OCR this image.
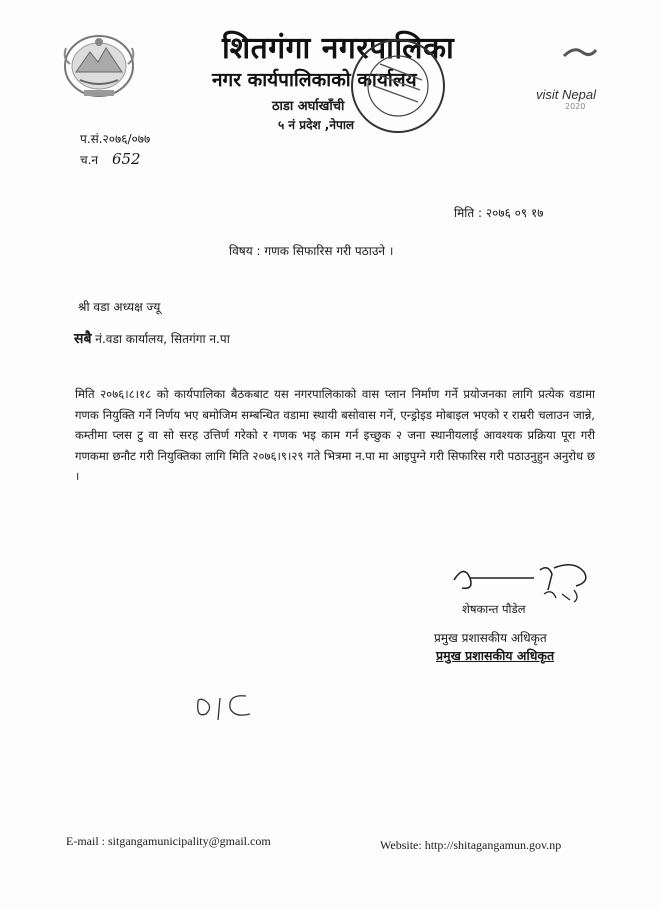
शितगंगा नगरपालिका
नगर कार्यपालिकाको कार्यालय
ठाडा अर्घाखाँची
५ नं प्रदेश ,नेपाल
visit Nepal
2020
प.सं.२०७६/०७७
च.न 652
मिति : २०७६ ०९ १७
विषय : गणक सिफारिस गरी पठाउने ।
श्री वडा अध्यक्ष ज्यू
सबै नं.वडा कार्यालय, सितगंगा न.पा
मिति २०७६।८।१८ को कार्यपालिका बैठकबाट यस नगरपालिकाको वास प्लान निर्माण गर्ने प्रयोजनका लागि प्रत्येक वडामा गणक नियुक्ति गर्ने निर्णय भए बमोजिम सम्बन्धित वडामा स्थायी बसोवास गर्ने, एन्ड्रोइड मोबाइल भएको र राम्ररी चलाउन जान्ने, कम्तीमा प्लस टु वा सो सरह उत्तिर्ण गरेको र गणक भइ काम गर्न इच्छुक २ जना स्थानीयलाई आवश्यक प्रक्रिया पूरा गरी गणकमा छनौट गरी नियुक्तिका लागि मिति २०७६।९।२९ गते भित्रमा न.पा मा आइपुग्ने गरी सिफारिस गरी पठाउनुहुन अनुरोध छ ।
शेषकान्त पौडेल
प्रमुख प्रशासकीय अधिकृत
प्रमुख प्रशासकीय अधिकृत
E-mail : sitgangamunicipality@gmail.com	Website: http://shitagangamun.gov.np
